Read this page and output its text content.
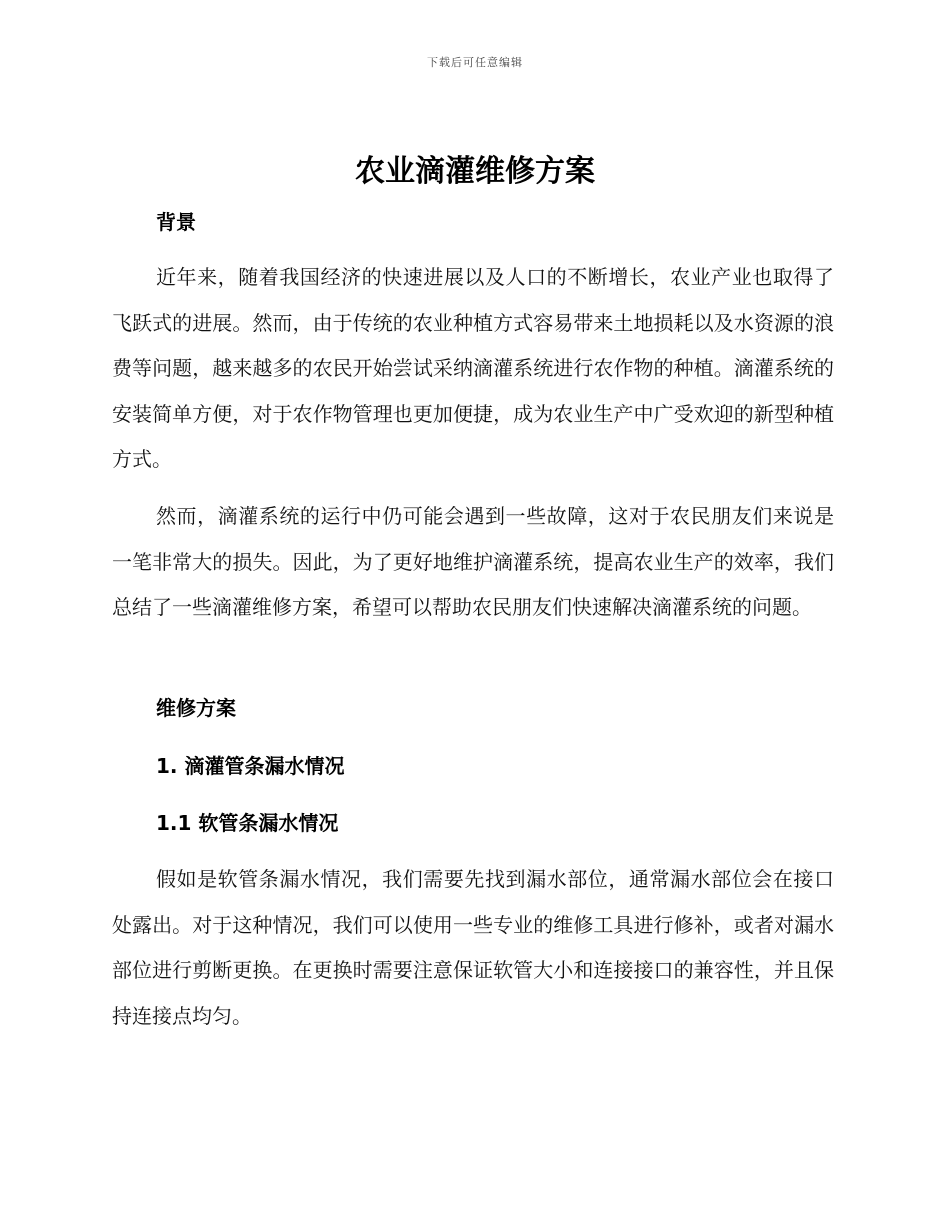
下载后可任意编辑
农业滴灌维修方案
背景

近年来，随着我国经济的快速进展以及人口的不断增长，农业产业也取得了飞跃式的进展。然而，由于传统的农业种植方式容易带来土地损耗以及水资源的浪费等问题，越来越多的农民开始尝试采纳滴灌系统进行农作物的种植。滴灌系统的安装简单方便，对于农作物管理也更加便捷，成为农业生产中广受欢迎的新型种植方式。

然而，滴灌系统的运行中仍可能会遇到一些故障，这对于农民朋友们来说是一笔非常大的损失。因此，为了更好地维护滴灌系统，提高农业生产的效率，我们总结了一些滴灌维修方案，希望可以帮助农民朋友们快速解决滴灌系统的问题。

维修方案
1. 滴灌管条漏水情况
1.1 软管条漏水情况

假如是软管条漏水情况，我们需要先找到漏水部位，通常漏水部位会在接口处露出。对于这种情况，我们可以使用一些专业的维修工具进行修补，或者对漏水部位进行剪断更换。在更换时需要注意保证软管大小和连接接口的兼容性，并且保持连接点均匀。
